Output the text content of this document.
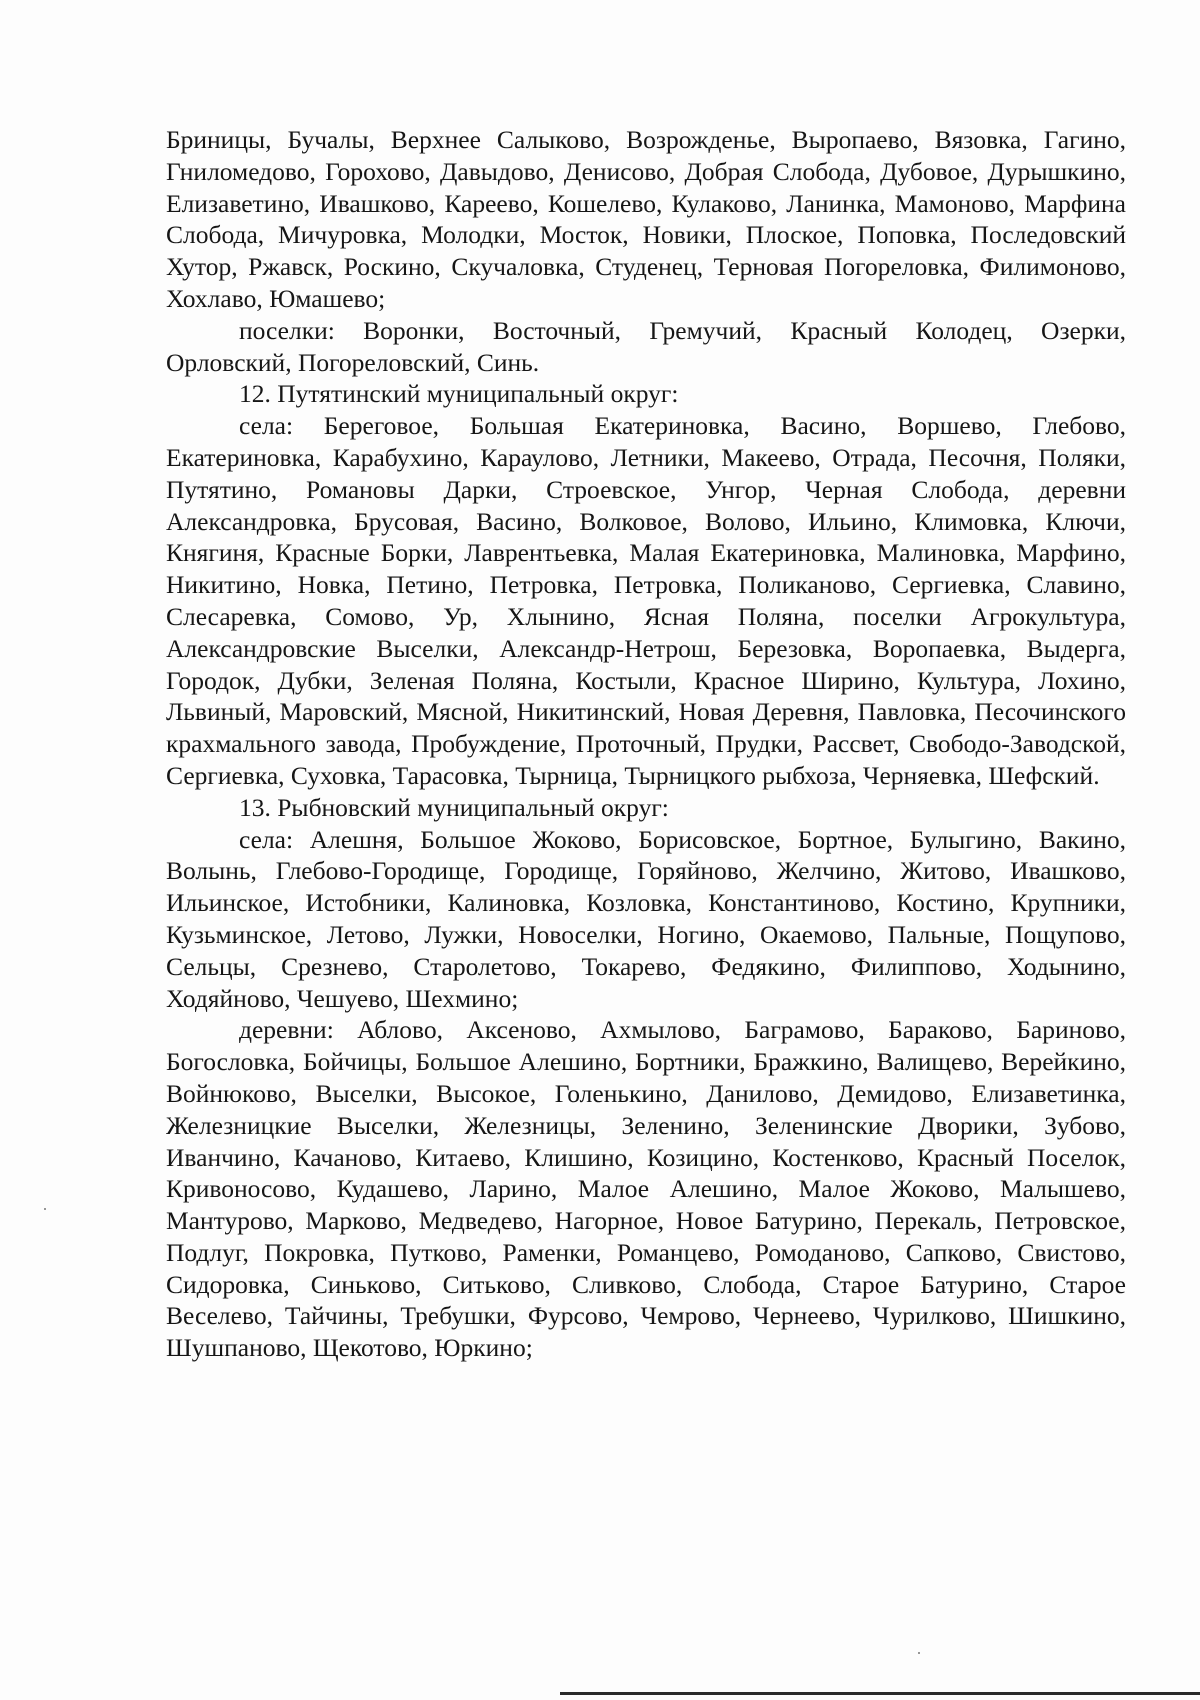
Бриницы, Бучалы, Верхнее Салыково, Возрожденье, Выропаево, Вязовка, Гагино, Гниломедово, Горохово, Давыдово, Денисово, Добрая Слобода, Дубовое, Дурышкино, Елизаветино, Ивашково, Кареево, Кошелево, Кулаково, Ланинка, Мамоново, Марфина Слобода, Мичуровка, Молодки, Мосток, Новики, Плоское, Поповка, Последовский Хутор, Ржавск, Роскино, Скучаловка, Студенец, Терновая Погореловка, Филимоново, Хохлаво, Юмашево;

поселки: Воронки, Восточный, Гремучий, Красный Колодец, Озерки, Орловский, Погореловский, Синь.

12. Путятинский муниципальный округ:

села: Береговое, Большая Екатериновка, Васино, Воршево, Глебово, Екатериновка, Карабухино, Караулово, Летники, Макеево, Отрада, Песочня, Поляки, Путятино, Романовы Дарки, Строевское, Унгор, Черная Слобода, деревни Александровка, Брусовая, Васино, Волковое, Волово, Ильино, Климовка, Ключи, Княгиня, Красные Борки, Лаврентьевка, Малая Екатериновка, Малиновка, Марфино, Никитино, Новка, Петино, Петровка, Петровка, Поликаново, Сергиевка, Славино, Слесаревка, Сомово, Ур, Хлынино, Ясная Поляна, поселки Агрокультура, Александровские Выселки, Александр-Нетрош, Березовка, Воропаевка, Выдерга, Городок, Дубки, Зеленая Поляна, Костыли, Красное Ширино, Культура, Лохино, Львиный, Маровский, Мясной, Никитинский, Новая Деревня, Павловка, Песочинского крахмального завода, Пробуждение, Проточный, Прудки, Рассвет, Свободо-Заводской, Сергиевка, Суховка, Тарасовка, Тырница, Тырницкого рыбхоза, Черняевка, Шефский.

13. Рыбновский муниципальный округ:

села: Алешня, Большое Жоково, Борисовское, Бортное, Булыгино, Вакино, Волынь, Глебово-Городище, Городище, Горяйново, Желчино, Житово, Ивашково, Ильинское, Истобники, Калиновка, Козловка, Константиново, Костино, Крупники, Кузьминское, Летово, Лужки, Новоселки, Ногино, Окаемово, Пальные, Пощупово, Сельцы, Срезнево, Старолетово, Токарево, Федякино, Филиппово, Ходынино, Ходяйново, Чешуево, Шехмино;

деревни: Аблово, Аксеново, Ахмылово, Баграмово, Бараково, Бариново, Богословка, Бойчицы, Большое Алешино, Бортники, Бражкино, Валищево, Верейкино, Войнюково, Выселки, Высокое, Голенькино, Данилово, Демидово, Елизаветинка, Железницкие Выселки, Железницы, Зеленино, Зеленинские Дворики, Зубово, Иванчино, Качаново, Китаево, Клишино, Козицино, Костенково, Красный Поселок, Кривоносово, Кудашево, Ларино, Малое Алешино, Малое Жоково, Малышево, Мантурово, Марково, Медведево, Нагорное, Новое Батурино, Перекаль, Петровское, Подлуг, Покровка, Путково, Раменки, Романцево, Ромоданово, Сапково, Свистово, Сидоровка, Синьково, Ситьково, Сливково, Слобода, Старое Батурино, Старое Веселево, Тайчины, Требушки, Фурсово, Чемрово, Чернеево, Чурилково, Шишкино, Шушпаново, Щекотово, Юркино;
